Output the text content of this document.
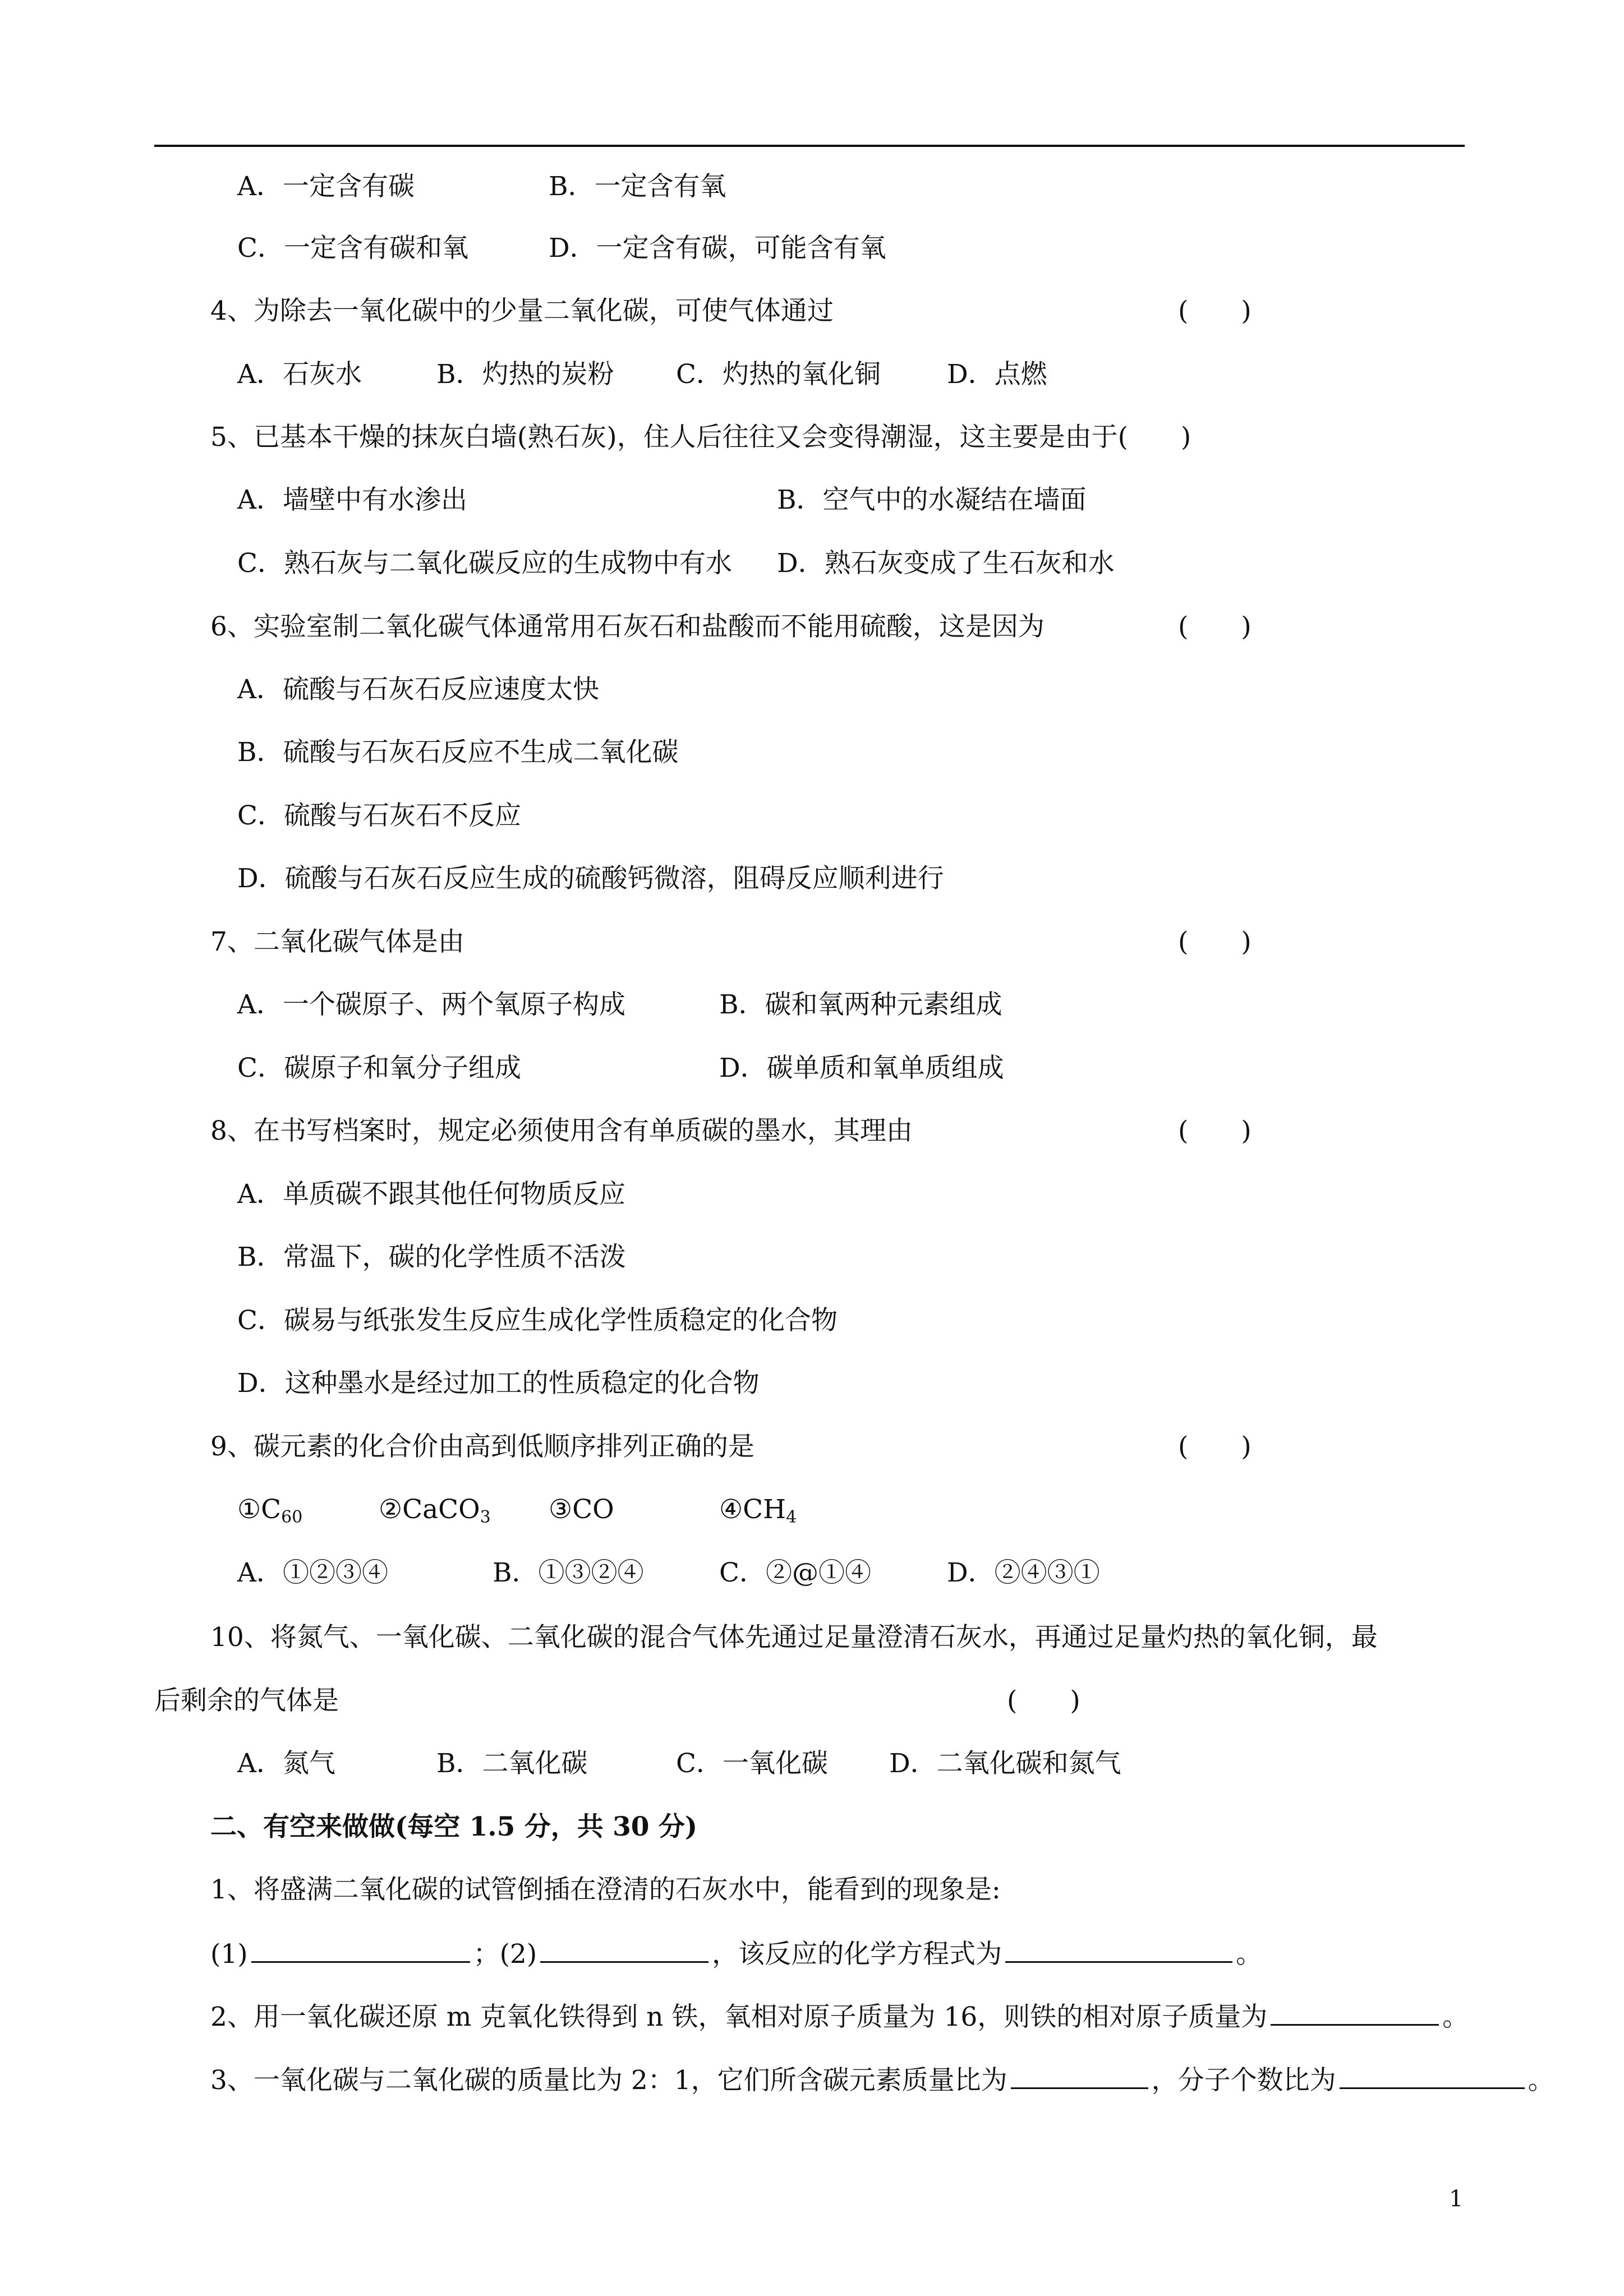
A．一定含有碳	B．一定含有氧
C．一定含有碳和氧	D．一定含有碳，可能含有氧
4、为除去一氧化碳中的少量二氧化碳，可使气体通过	(　　)
A．石灰水	B．灼热的炭粉 C．灼热的氧化铜	D．点燃
5、已基本干燥的抹灰白墙(熟石灰)，住人后往往又会变得潮湿，这主要是由于(　　)
A．墙壁中有水渗出	B．空气中的水凝结在墙面
C．熟石灰与二氧化碳反应的生成物中有水 D．熟石灰变成了生石灰和水
6、实验室制二氧化碳气体通常用石灰石和盐酸而不能用硫酸，这是因为	(　　)
A．硫酸与石灰石反应速度太快
B．硫酸与石灰石反应不生成二氧化碳
C．硫酸与石灰石不反应
D．硫酸与石灰石反应生成的硫酸钙微溶，阻碍反应顺利进行
7、二氧化碳气体是由	(　　)
A．一个碳原子、两个氧原子构成	B．碳和氧两种元素组成
C．碳原子和氧分子组成	D．碳单质和氧单质组成
8、在书写档案时，规定必须使用含有单质碳的墨水，其理由	(　　)
A．单质碳不跟其他任何物质反应
B．常温下，碳的化学性质不活泼
C．碳易与纸张发生反应生成化学性质稳定的化合物
D．这种墨水是经过加工的性质稳定的化合物
9、碳元素的化合价由高到低顺序排列正确的是	(　　)
$①C_{60}$	②CaCO$_3$ ③CO	$④CH_4$
A．①②③④	B．①③②④	C．②@①④	D．②④③①
10、将氮气、一氧化碳、二氧化碳的混合气体先通过足量澄清石灰水，再通过足量灼热的氧化铜，最
后剩余的气体是	(　　)
A．氮气	B．二氧化碳	C．一氧化碳 D．二氧化碳和氮气
二、有空来做做(每空 1.5 分，共 30 分)
1、将盛满二氧化碳的试管倒插在澄清的石灰水中，能看到的现象是:
(1)	；(2)	，该反应的化学方程式为	。
2、用一氧化碳还原 m 克氧化铁得到 n 铁，氧相对原子质量为 16，则铁的相对原子质量为	。
3、一氧化碳与二氧化碳的质量比为 2：1，它们所含碳元素质量比为	，分子个数比为	。
1
